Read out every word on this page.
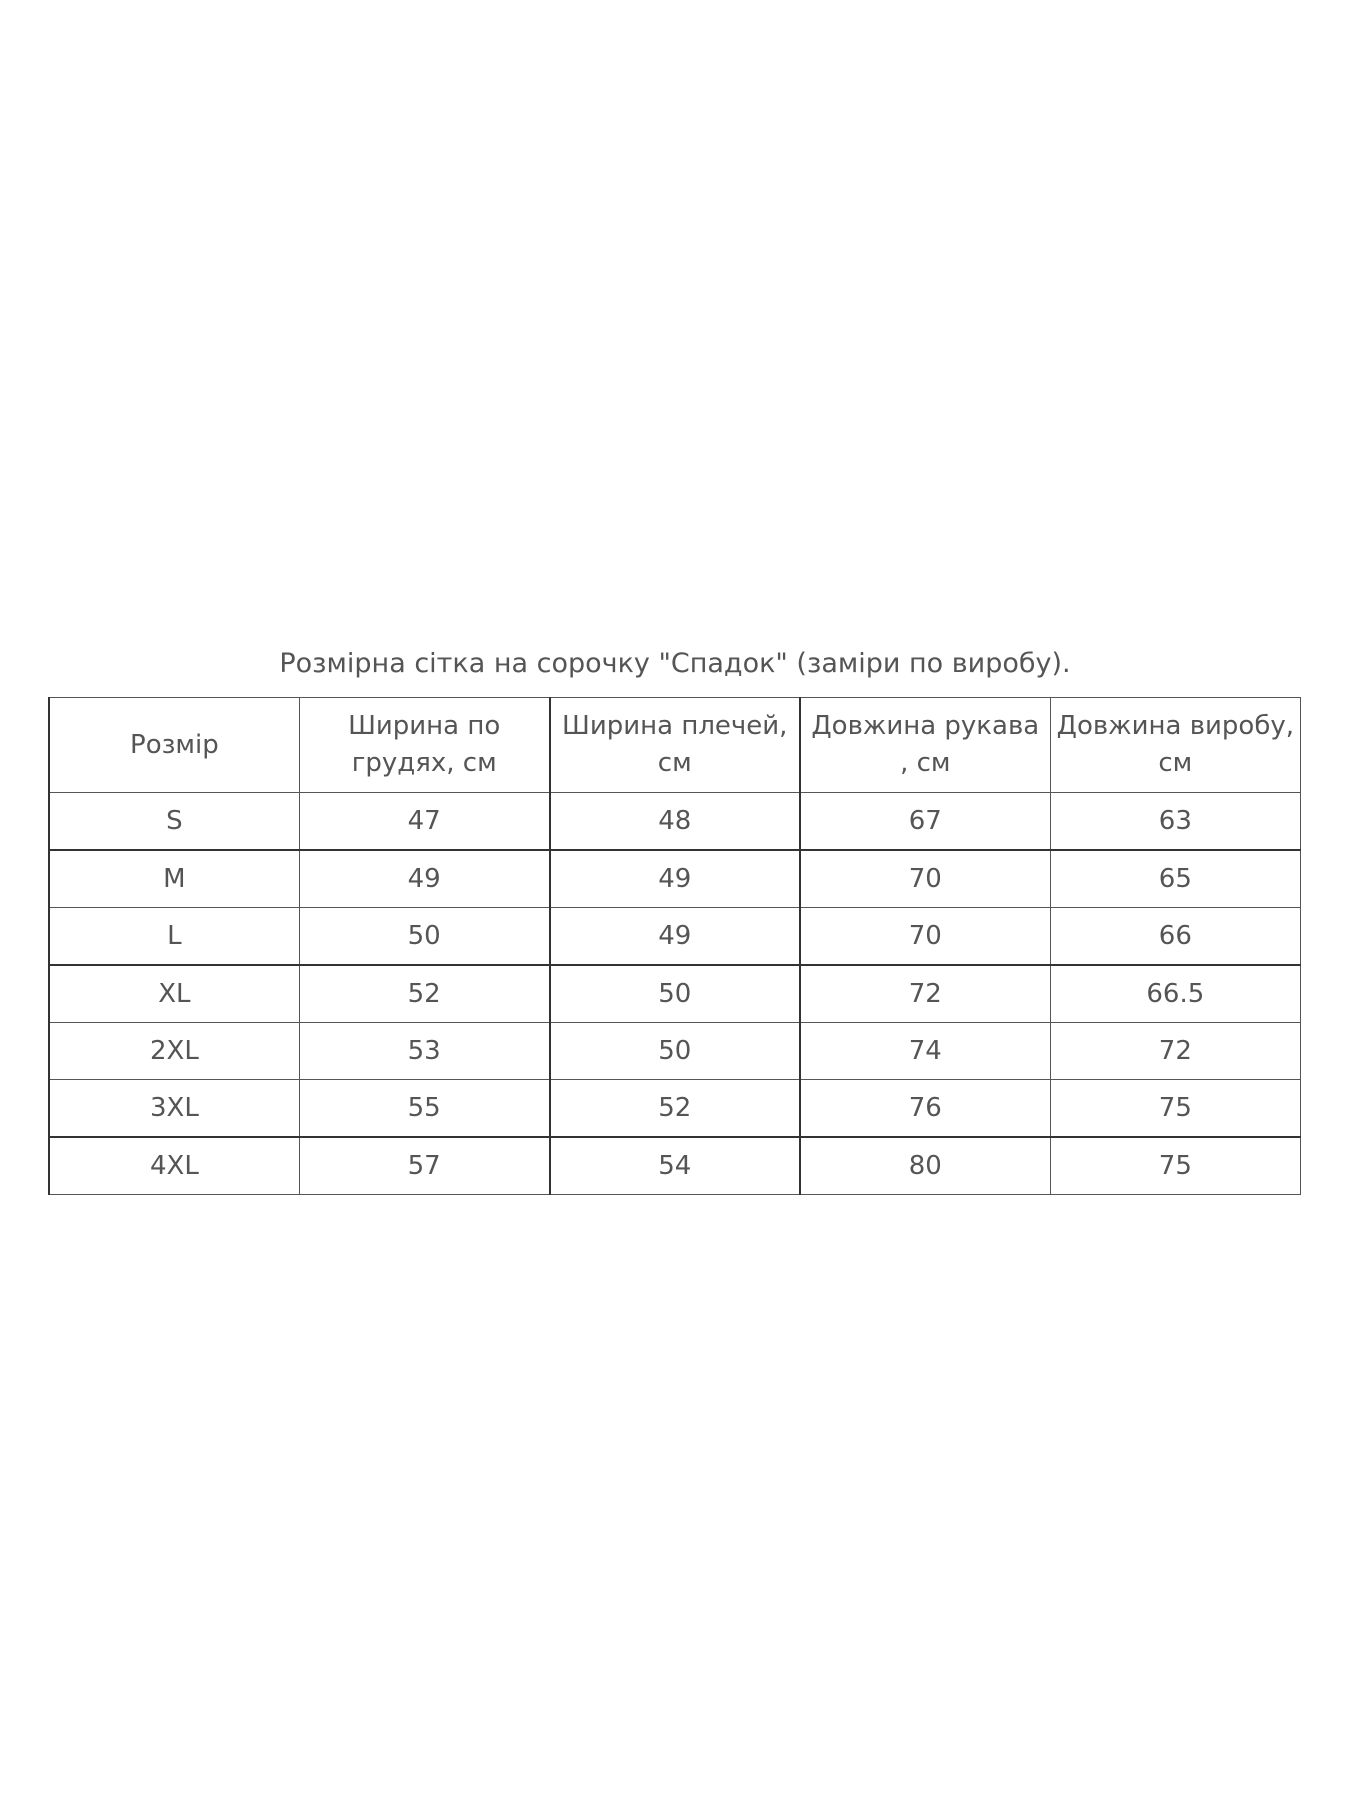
Розмірна сітка на сорочку "Спадок" (заміри по виробу).
Розмір	Ширина по грудях, см	Ширина плечей, см	Довжина рукава , см	Довжина виробу, см
S	47	48	67	63
M	49	49	70	65
L	50	49	70	66
XL	52	50	72	66.5
2XL	53	50	74	72
3XL	55	52	76	75
4XL	57	54	80	75
